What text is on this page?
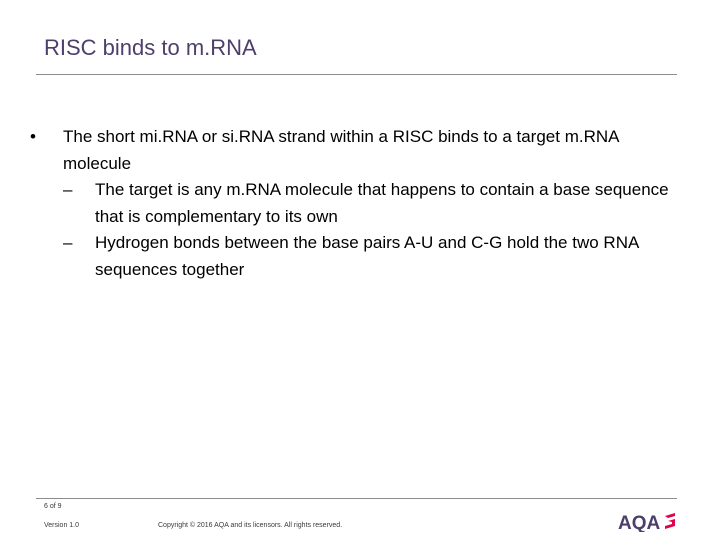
RISC binds to m.RNA
•	The short mi.RNA or si.RNA strand within a RISC binds to a target m.RNA molecule
– The target is any m.RNA molecule that happens to contain a base sequence that is complementary to its own
– Hydrogen bonds between the base pairs A-U and C-G hold the two RNA sequences together
6 of 9
Version 1.0	Copyright © 2016 AQA and its licensors. All rights reserved.	AQA
